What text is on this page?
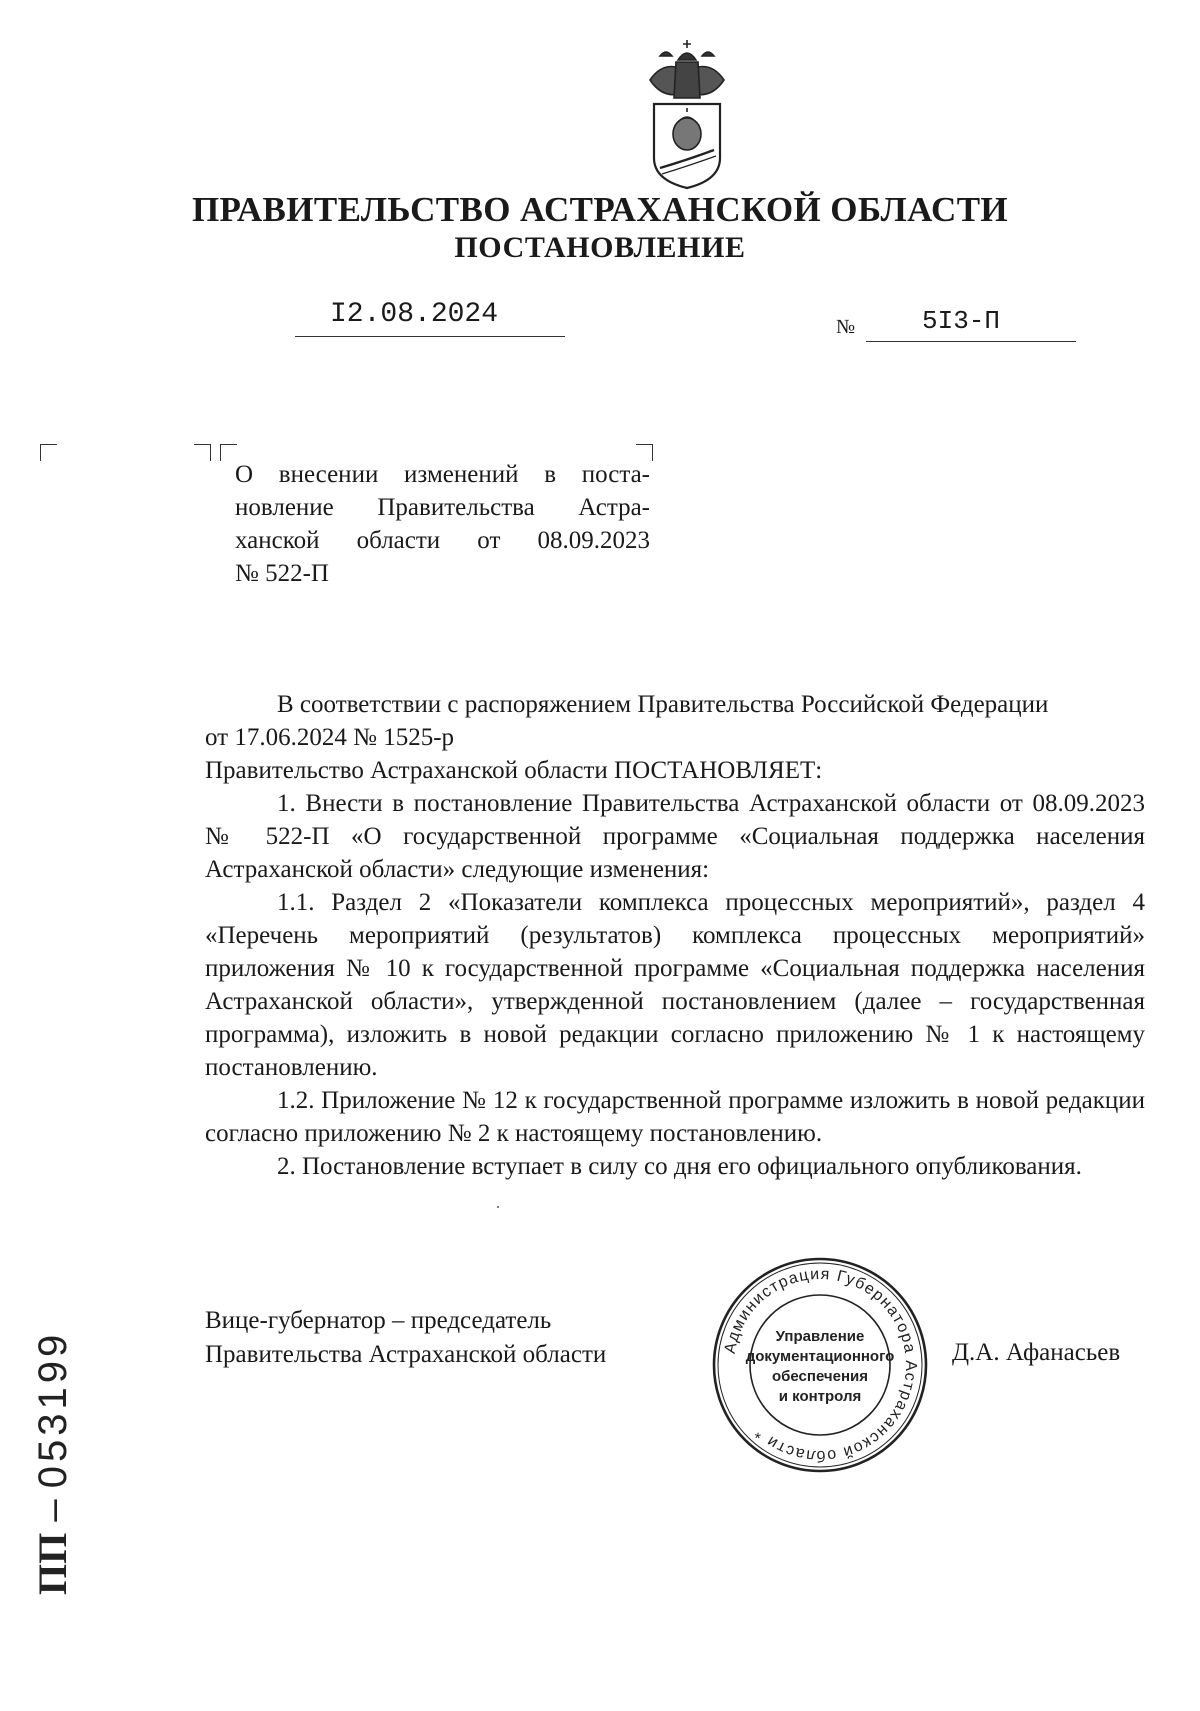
ПРАВИТЕЛЬСТВО АСТРАХАНСКОЙ ОБЛАСТИ
ПОСТАНОВЛЕНИЕ
I2.08.2024	№	5I3-П

О внесении изменений в поста-

новление Правительства Астра-

ханской области от 08.09.2023

№ 522-П

В соответствии с распоряжением Правительства Российской Федерации

от 17.06.2024 № 1525-р

Правительство Астраханской области ПОСТАНОВЛЯЕТ:

1. Внести в постановление Правительства Астраханской области от 08.09.2023 № 522-П «О государственной программе «Социальная поддержка населения Астраханской области» следующие изменения:

1.1. Раздел 2 «Показатели комплекса процессных мероприятий», раздел 4 «Перечень мероприятий (результатов) комплекса процессных мероприятий» приложения № 10 к государственной программе «Социальная поддержка населения Астраханской области», утвержденной постановлением (далее – государственная программа), изложить в новой редакции согласно приложению № 1 к настоящему постановлению.

1.2. Приложение № 12 к государственной программе изложить в новой редакции согласно приложению № 2 к настоящему постановлению.

2. Постановление вступает в силу со дня его официального опубликования.

Вице-губернатор – председатель
Правительства Астраханской области	Д.А. Афанасьев
Администрация Губернатора Астраханской области *
Управление
документационного
обеспечения
и контроля
ПП – 053199
